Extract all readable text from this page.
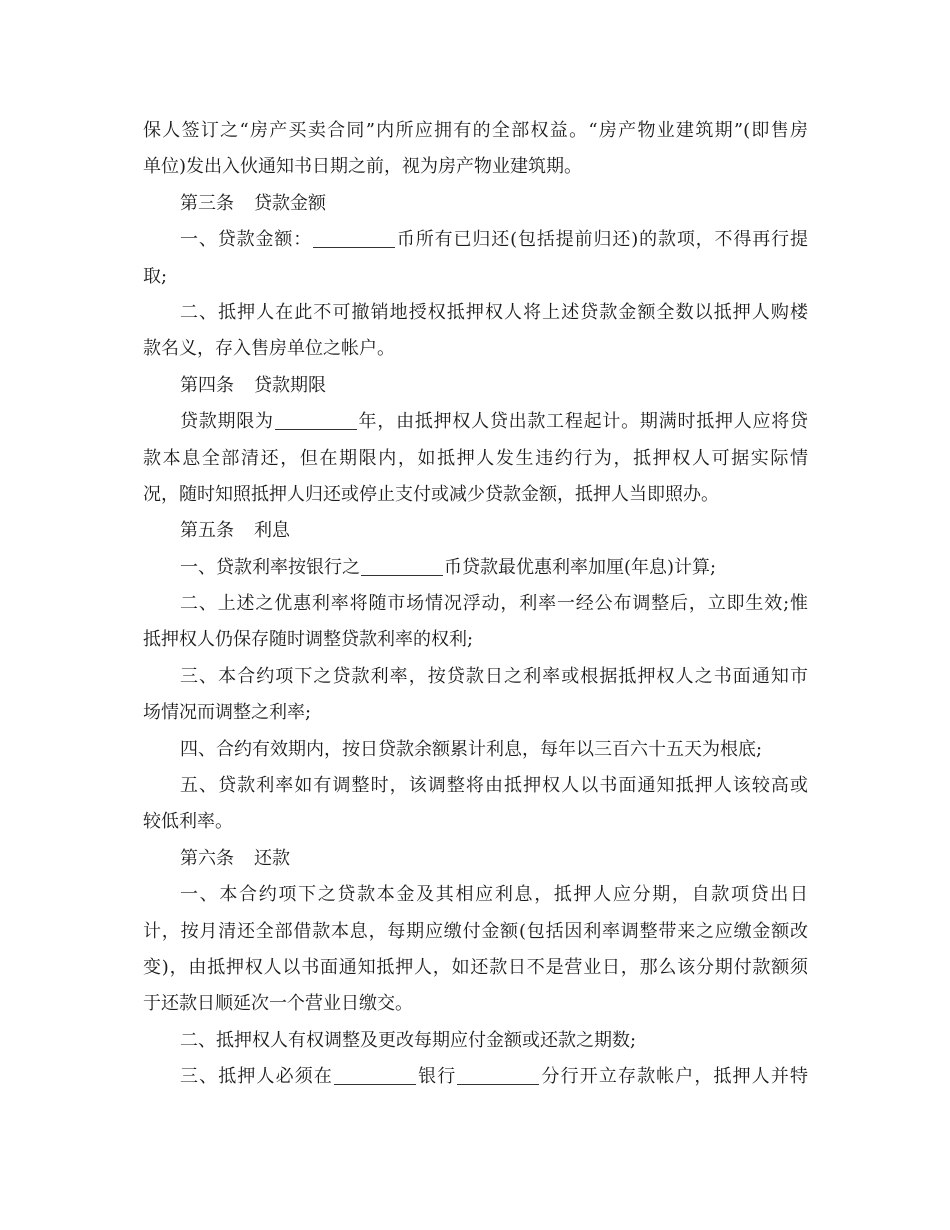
保人签订之“房产买卖合同”内所应拥有的全部权益。“房产物业建筑期”(即售房
单位)发出入伙通知书日期之前，视为房产物业建筑期。
第三条 贷款金额
一、贷款金额：	币所有已归还(包括提前归还)的款项，不得再行提
取;
二、抵押人在此不可撤销地授权抵押权人将上述贷款金额全数以抵押人购楼
款名义，存入售房单位之帐户。
第四条 贷款期限
贷款期限为	年，由抵押权人贷出款工程起计。期满时抵押人应将贷
款本息全部清还，但在期限内，如抵押人发生违约行为，抵押权人可据实际情
况，随时知照抵押人归还或停止支付或减少贷款金额，抵押人当即照办。
第五条 利息
一、贷款利率按银行之	币贷款最优惠利率加厘(年息)计算;
二、上述之优惠利率将随市场情况浮动，利率一经公布调整后，立即生效;惟
抵押权人仍保存随时调整贷款利率的权利;
三、本合约项下之贷款利率，按贷款日之利率或根据抵押权人之书面通知市
场情况而调整之利率;
四、合约有效期内，按日贷款余额累计利息，每年以三百六十五天为根底;
五、贷款利率如有调整时，该调整将由抵押权人以书面通知抵押人该较高或
较低利率。
第六条 还款
一、本合约项下之贷款本金及其相应利息，抵押人应分期，自款项贷出日
计，按月清还全部借款本息，每期应缴付金额(包括因利率调整带来之应缴金额改
变)，由抵押权人以书面通知抵押人，如还款日不是营业日，那么该分期付款额须
于还款日顺延次一个营业日缴交。
二、抵押权人有权调整及更改每期应付金额或还款之期数;
三、抵押人必须在	银行	分行开立存款帐户，抵押人并特
